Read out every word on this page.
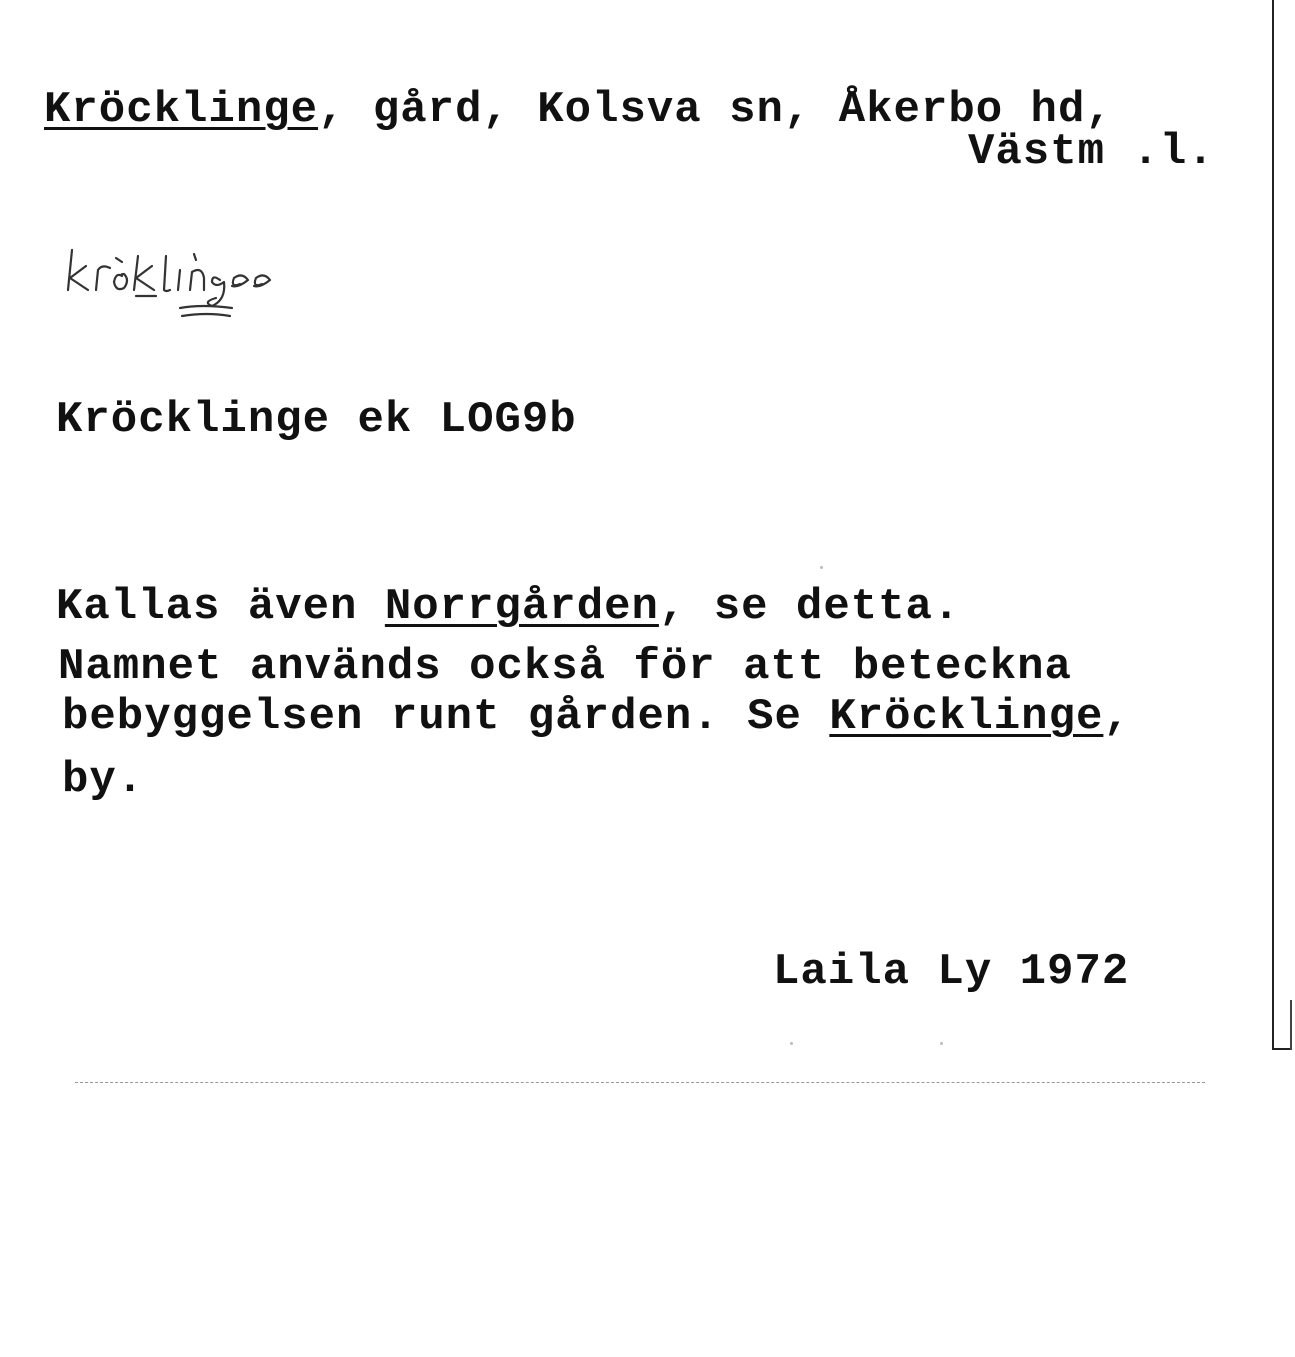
Kröcklinge, gård, Kolsva sn, Åkerbo hd,
Västm .l.
Kröcklinge ek LOG9b
Kallas även Norrgården, se detta.
Namnet används också för att beteckna
bebyggelsen runt gården. Se Kröcklinge,
by.
Laila Ly 1972
